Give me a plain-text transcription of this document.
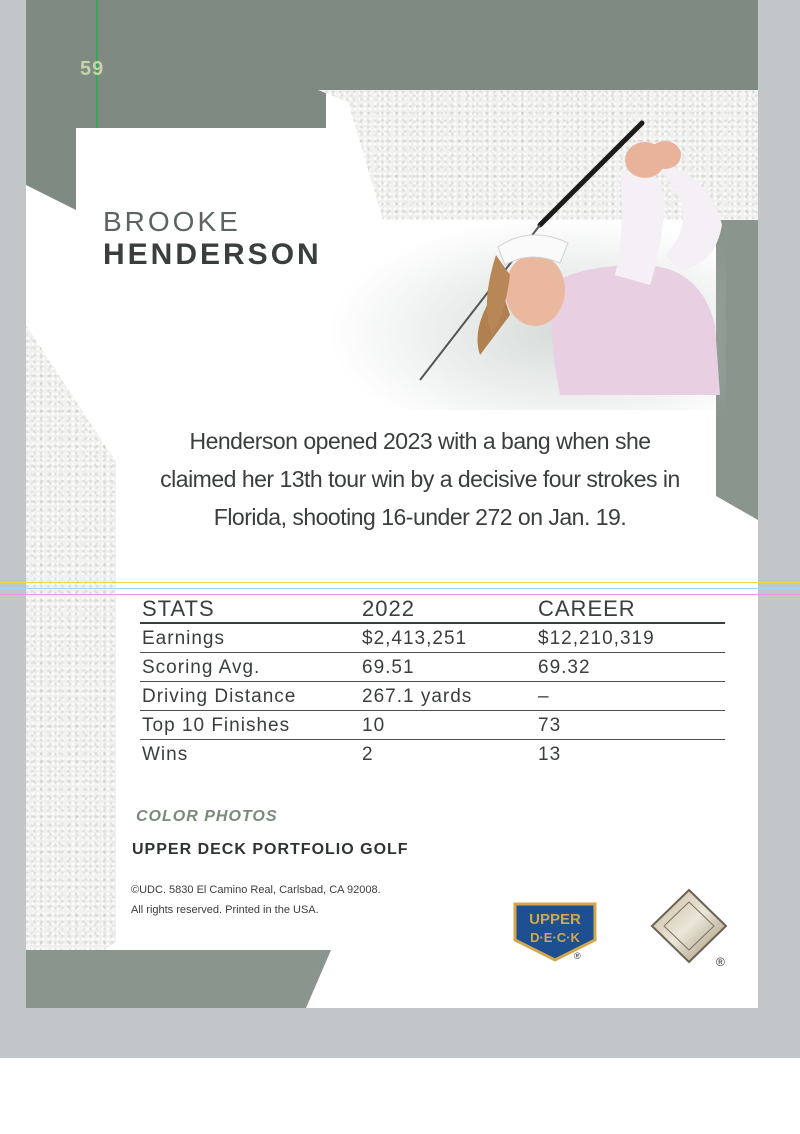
59
BROOKE
HENDERSON
Henderson opened 2023 with a bang when she claimed her 13th tour win by a decisive four strokes in Florida, shooting 16-under 272 on Jan. 19.
STATS	2022	CAREER
Earnings	$2,413,251	$12,210,319
Scoring Avg.	69.51	69.32
Driving Distance	267.1 yards	–
Top 10 Finishes	10	73
Wins	2	13
COLOR PHOTOS
UPPER DECK PORTFOLIO GOLF
©UDC. 5830 El Camino Real, Carlsbad, CA 92008.
All rights reserved. Printed in the USA.
UPPER
D·E·C·K
®	®
